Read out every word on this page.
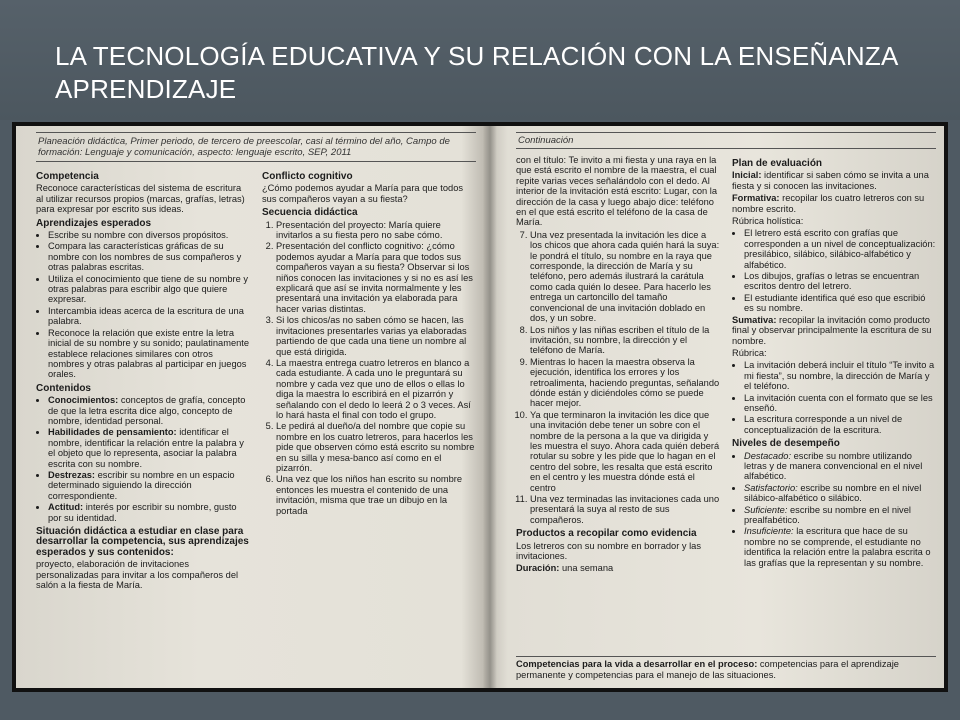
LA TECNOLOGÍA EDUCATIVA Y SU RELACIÓN CON LA ENSEÑANZA APRENDIZAJE
Planeación didáctica, Primer periodo, de tercero de preescolar, casi al término del año, Campo de formación: Lenguaje y comunicación, aspecto: lenguaje escrito, SEP, 2011
Competencia
Reconoce características del sistema de escritura al utilizar recursos propios (marcas, grafías, letras) para expresar por escrito sus ideas.
Aprendizajes esperados
• Escribe su nombre con diversos propósitos.
• Compara las características gráficas de su nombre con los nombres de sus compañeros y otras palabras escritas.
• Utiliza el conocimiento que tiene de su nombre y otras palabras para escribir algo que quiere expresar.
• Intercambia ideas acerca de la escritura de una palabra.
• Reconoce la relación que existe entre la letra inicial de su nombre y su sonido; paulatinamente establece relaciones similares con otros nombres y otras palabras al participar en juegos orales.
Contenidos
• Conocimientos: conceptos de grafía, concepto de que la letra escrita dice algo, concepto de nombre, identidad personal.
• Habilidades de pensamiento: identificar el nombre, identificar la relación entre la palabra y el objeto que lo representa, asociar la palabra escrita con su nombre.
• Destrezas: escribir su nombre en un espacio determinado siguiendo la dirección correspondiente.
• Actitud: interés por escribir su nombre, gusto por su identidad.
Situación didáctica a estudiar en clase para desarrollar la competencia, sus aprendizajes esperados y sus contenidos:
proyecto, elaboración de invitaciones personalizadas para invitar a los compañeros del salón a la fiesta de María.
Conflicto cognitivo
¿Cómo podemos ayudar a María para que todos sus compañeros vayan a su fiesta?
Secuencia didáctica
1. Presentación del proyecto: María quiere invitarlos a su fiesta pero no sabe cómo.
2. Presentación del conflicto cognitivo: ¿cómo podemos ayudar a María para que todos sus compañeros vayan a su fiesta? Observar si los niños conocen las invitaciones y si no es así les explicará que así se invita normalmente y les presentará una invitación ya elaborada para hacer varias distintas.
3. Si los chicos/as no saben cómo se hacen, las invitaciones presentarles varias ya elaboradas partiendo de que cada una tiene un nombre al que está dirigida.
4. La maestra entrega cuatro letreros en blanco a cada estudiante. A cada uno le preguntará su nombre y cada vez que uno de ellos o ellas lo diga la maestra lo escribirá en el pizarrón y señalando con el dedo lo leerá 2 o 3 veces. Así lo hará hasta el final con todo el grupo.
5. Le pedirá al dueño/a del nombre que copie su nombre en los cuatro letreros, para hacerlos les pide que observen cómo está escrito su nombre en su silla y mesa-banco así como en el pizarrón.
6. Una vez que los niños han escrito su nombre entonces les muestra el contenido de una invitación, misma que trae un dibujo en la portada
Continuación
con el título: Te invito a mi fiesta y una raya en la que está escrito el nombre de la maestra, el cual repite varias veces señalándolo con el dedo. Al interior de la invitación está escrito: Lugar, con la dirección de la casa y luego abajo dice: teléfono en el que está escrito el teléfono de la casa de María.
7. Una vez presentada la invitación les dice a los chicos que ahora cada quién hará la suya: le pondrá el título, su nombre en la raya que corresponde, la dirección de María y su teléfono, pero además ilustrará la carátula como cada quién lo desee. Para hacerlo les entrega un cartoncillo del tamaño convencional de una invitación doblado en dos, y un sobre.
8. Los niños y las niñas escriben el título de la invitación, su nombre, la dirección y el teléfono de María.
9. Mientras lo hacen la maestra observa la ejecución, identifica los errores y los retroalimenta, haciendo preguntas, señalando dónde están y diciéndoles cómo se puede hacer mejor.
10. Ya que terminaron la invitación les dice que una invitación debe tener un sobre con el nombre de la persona a la que va dirigida y les muestra el suyo. Ahora cada quién deberá rotular su sobre y les pide que lo hagan en el centro del sobre, les resalta que está escrito en el centro y les muestra dónde está el centro
11. Una vez terminadas las invitaciones cada uno presentará la suya al resto de sus compañeros.
Productos a recopilar como evidencia
Los letreros con su nombre en borrador y las invitaciones.
Duración: una semana
Plan de evaluación
Inicial: identificar si saben cómo se invita a una fiesta y si conocen las invitaciones.
Formativa: recopilar los cuatro letreros con su nombre escrito.
Rúbrica holística:
• El letrero está escrito con grafías que corresponden a un nivel de conceptualización: presilábico, silábico, silábico-alfabético y alfabético.
• Los dibujos, grafías o letras se encuentran escritos dentro del letrero.
• El estudiante identifica qué eso que escribió es su nombre.
Sumativa: recopilar la invitación como producto final y observar principalmente la escritura de su nombre.
Rúbrica:
• La invitación deberá incluir el título “Te invito a mi fiesta”, su nombre, la dirección de María y el teléfono.
• La invitación cuenta con el formato que se les enseñó.
• La escritura corresponde a un nivel de conceptualización de la escritura.
Niveles de desempeño
• Destacado: escribe su nombre utilizando letras y de manera convencional en el nivel alfabético.
• Satisfactorio: escribe su nombre en el nivel silábico-alfabético o silábico.
• Suficiente: escribe su nombre en el nivel prealfabético.
• Insuficiente: la escritura que hace de su nombre no se comprende, el estudiante no identifica la relación entre la palabra escrita o las grafías que la representan y su nombre.
Competencias para la vida a desarrollar en el proceso: competencias para el aprendizaje permanente y competencias para el manejo de las situaciones.
